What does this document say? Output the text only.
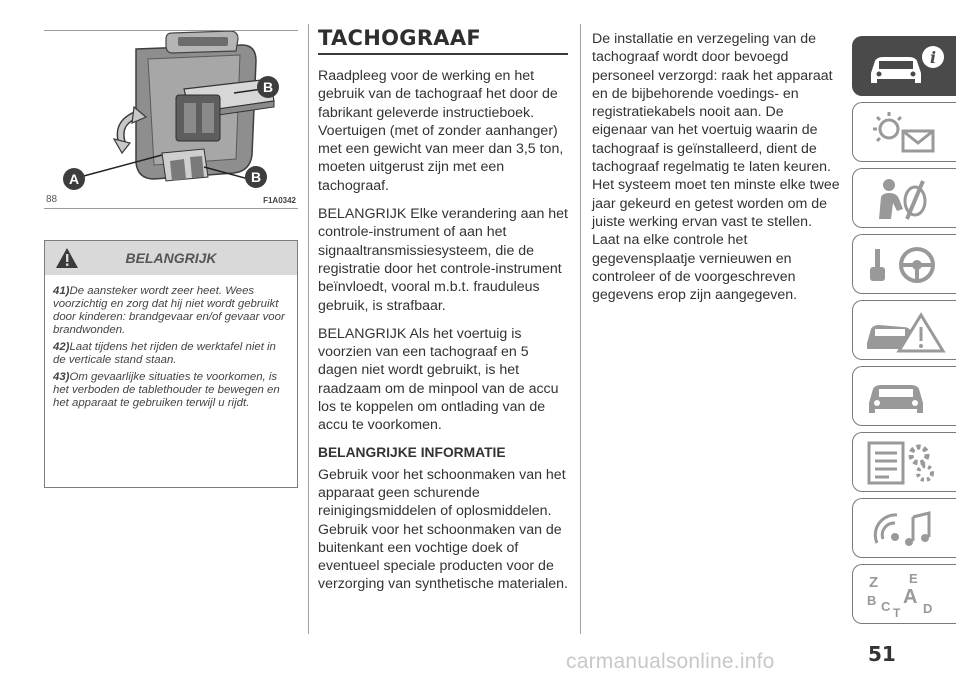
A
B
B
88	F1A0342
BELANGRIJK

41)De aansteker wordt zeer heet. Wees voorzichtig en zorg dat hij niet wordt gebruikt door kinderen: brandgevaar en/of gevaar voor brandwonden.

42)Laat tijdens het rijden de werktafel niet in de verticale stand staan.

43)Om gevaarlijke situaties te voorkomen, is het verboden de tablethouder te bewegen en het apparaat te gebruiken terwijl u rijdt.

TACHOGRAAF

Raadpleeg voor de werking en het gebruik van de tachograaf het door de fabrikant geleverde instructieboek. Voertuigen (met of zonder aanhanger) met een gewicht van meer dan 3,5 ton, moeten uitgerust zijn met een tachograaf.

BELANGRIJK Elke verandering aan het controle-instrument of aan het signaaltransmissiesysteem, die de registratie door het controle-instrument beïnvloedt, vooral m.b.t. frauduleus gebruik, is strafbaar.

BELANGRIJK Als het voertuig is voorzien van een tachograaf en 5 dagen niet wordt gebruikt, is het raadzaam om de minpool van de accu los te koppelen om ontlading van de accu te voorkomen.

BELANGRIJKE INFORMATIE

Gebruik voor het schoonmaken van het apparaat geen schurende reinigingsmiddelen of oplosmiddelen. Gebruik voor het schoonmaken van de buitenkant een vochtige doek of eventueel speciale producten voor de verzorging van synthetische materialen.

De installatie en verzegeling van de tachograaf wordt door bevoegd personeel verzorgd: raak het apparaat en de bijbehorende voedings- en registratiekabels nooit aan. De eigenaar van het voertuig waarin de tachograaf is geïnstalleerd, dient de tachograaf regelmatig te laten keuren.

Het systeem moet ten minste elke twee jaar gekeurd en getest worden om de juiste werking ervan vast te stellen. Laat na elke controle het gegevensplaatje vernieuwen en controleer of de voorgeschreven gegevens erop zijn aangegeven.

i
Z E
B A
C	D
T
51
carmanualsonline.info
